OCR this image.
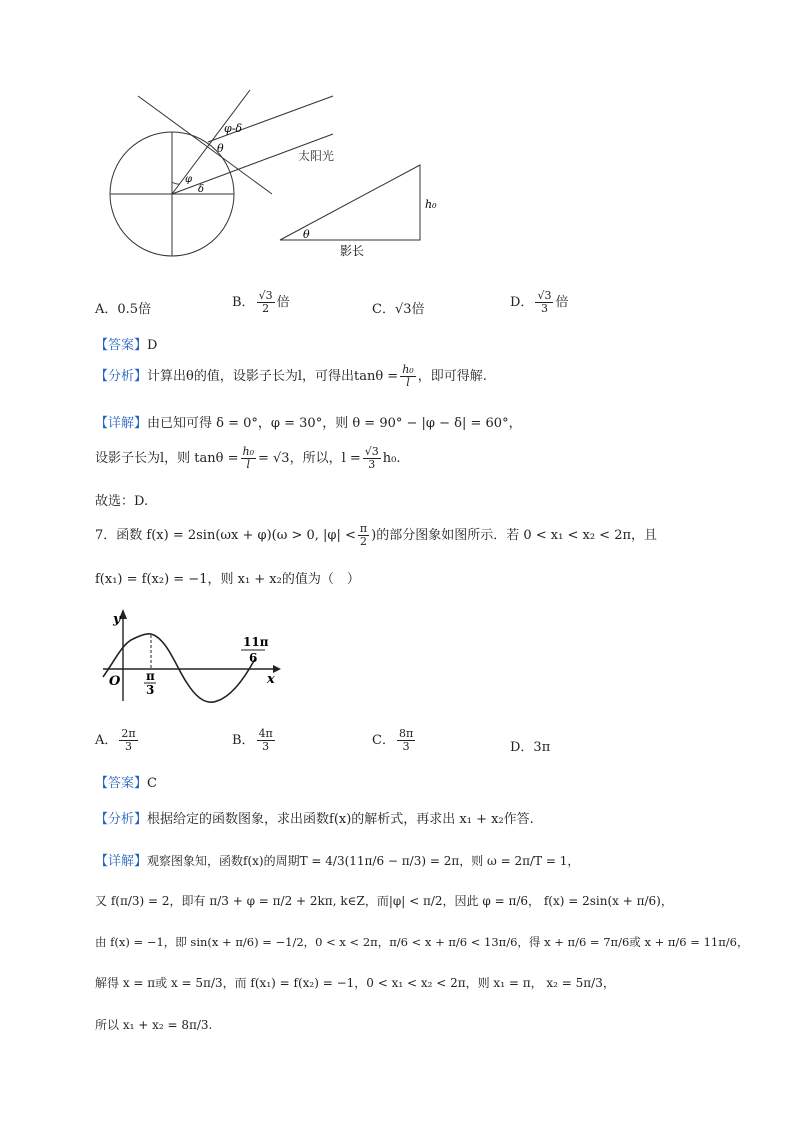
φ-δ
θ
太阳光
φ
δ
h₀
θ
影长
A．0.5倍	B． $\frac{√3}{2}$ 倍	C．√3倍	D． $\frac{√3}{3}$ 倍
【答案】D
【分析】计算出θ的值，设影子长为l，可得出$\tan\theta = \frac{\text{h₀}}{l}$ ，即可得解.
【详解】由已知可得 δ = 0°，φ = 30°，则 θ = 90° − |φ − δ| = 60°，
设影子长为l，则 $\tan\theta = \frac{\text{h₀}}{l} = √3$，所以，$l = \frac{√3}{3} h_0$.
故选：D.
7．函数 f(x) = 2sin(ωx + φ)(ω > 0, $|\varphi| < \frac{\pi}{2}$ )的部分图象如图所示．若 0 < x₁ < x₂ < 2π，且
f(x₁) = f(x₂) = −1，则 x₁ + x₂的值为（　）
y
x
O π
3
11π
6
A． $\frac{2\pi}{3}$	B． $\frac{4\pi}{3}$	C． $\frac{8\pi}{3}$	D．3π
【答案】C
【分析】根据给定的函数图象，求出函数f(x)的解析式，再求出 x₁ + x₂作答.
【详解】观察图象知，函数f(x)的周期T = 4/3(11π/6 − π/3) = 2π，则 ω = 2π/T = 1，
又 f(π/3) = 2，即有 π/3 + φ = π/2 + 2kπ, k∈Z，而|φ| < π/2，因此 φ = π/6， f(x) = 2sin(x + π/6)，
由 f(x) = −1，即 sin(x + π/6) = −1/2，0 < x < 2π，π/6 < x + π/6 < 13π/6，得 x + π/6 = 7π/6或 x + π/6 = 11π/6，
解得 x = π或 x = 5π/3，而 f(x₁) = f(x₂) = −1，0 < x₁ < x₂ < 2π，则 x₁ = π， x₂ = 5π/3，
所以 x₁ + x₂ = 8π/3.
